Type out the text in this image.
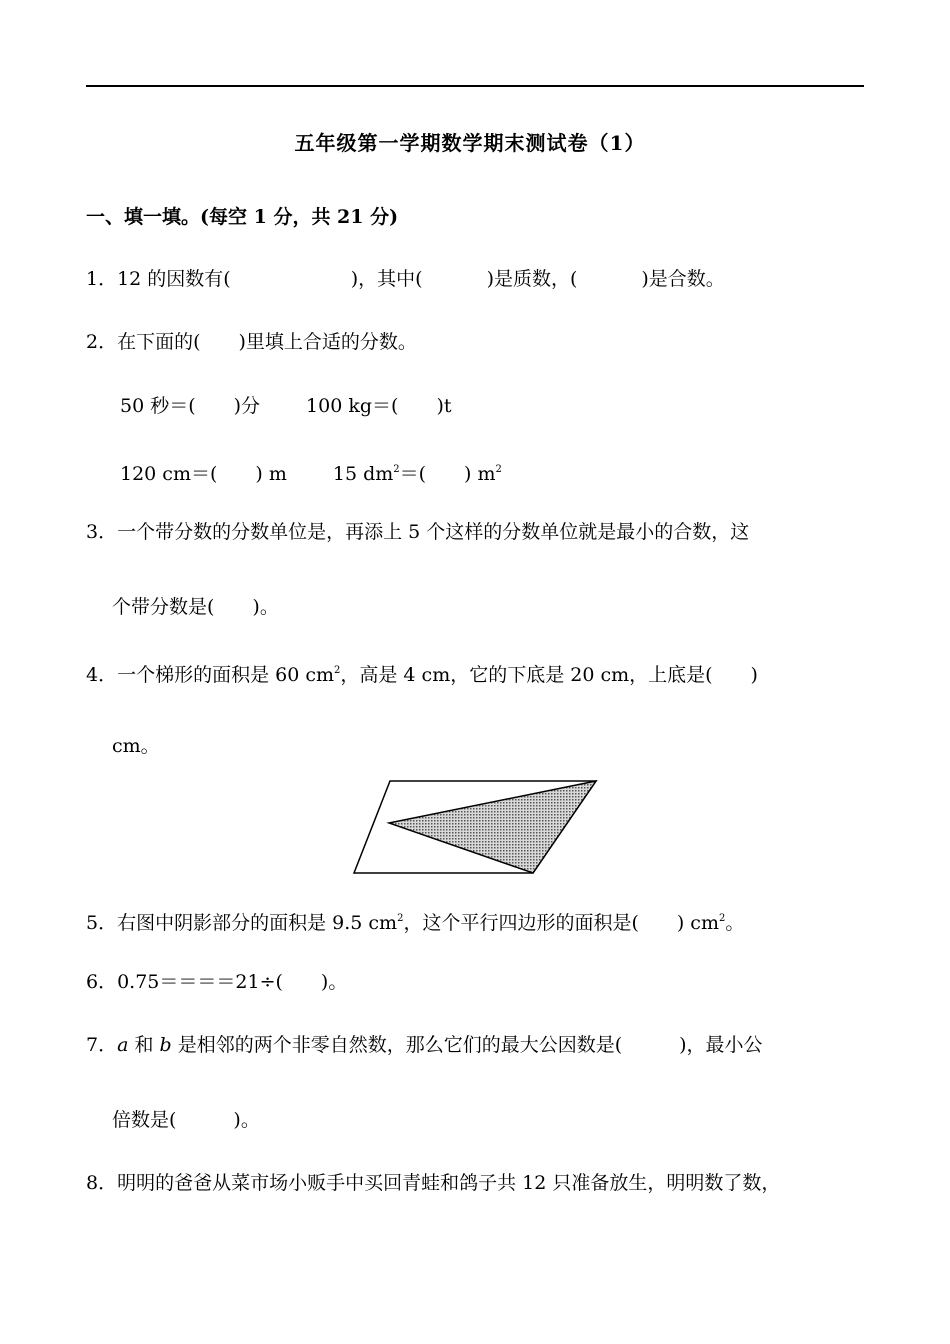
五年级第一学期数学期末测试卷（1）
一、填一填。(每空 1 分，共 21 分)
1．12 的因数有(	)，其中(	)是质数，(	)是合数。
2．在下面的(　　)里填上合适的分数。
50 秒＝(　　)分 100 kg＝(　　)t
120 cm＝(　　) m 15 $dm^2=$(　　) $m^2$
3．一个带分数的分数单位是，再添上 5 个这样的分数单位就是最小的合数，这
个带分数是(　　)。
4．一个梯形的面积是 60 $cm^2$，高是 4 cm，它的下底是 20 cm，上底是(　　)
cm。
5．右图中阴影部分的面积是 9.5 $cm^2$，这个平行四边形的面积是(　　) $cm^2$。
6．0.75＝＝＝＝21÷(　　)。
7．a 和 b 是相邻的两个非零自然数，那么它们的最大公因数是(　　　)，最小公
倍数是(　　　)。
8．明明的爸爸从菜市场小贩手中买回青蛙和鸽子共 12 只准备放生，明明数了数，
